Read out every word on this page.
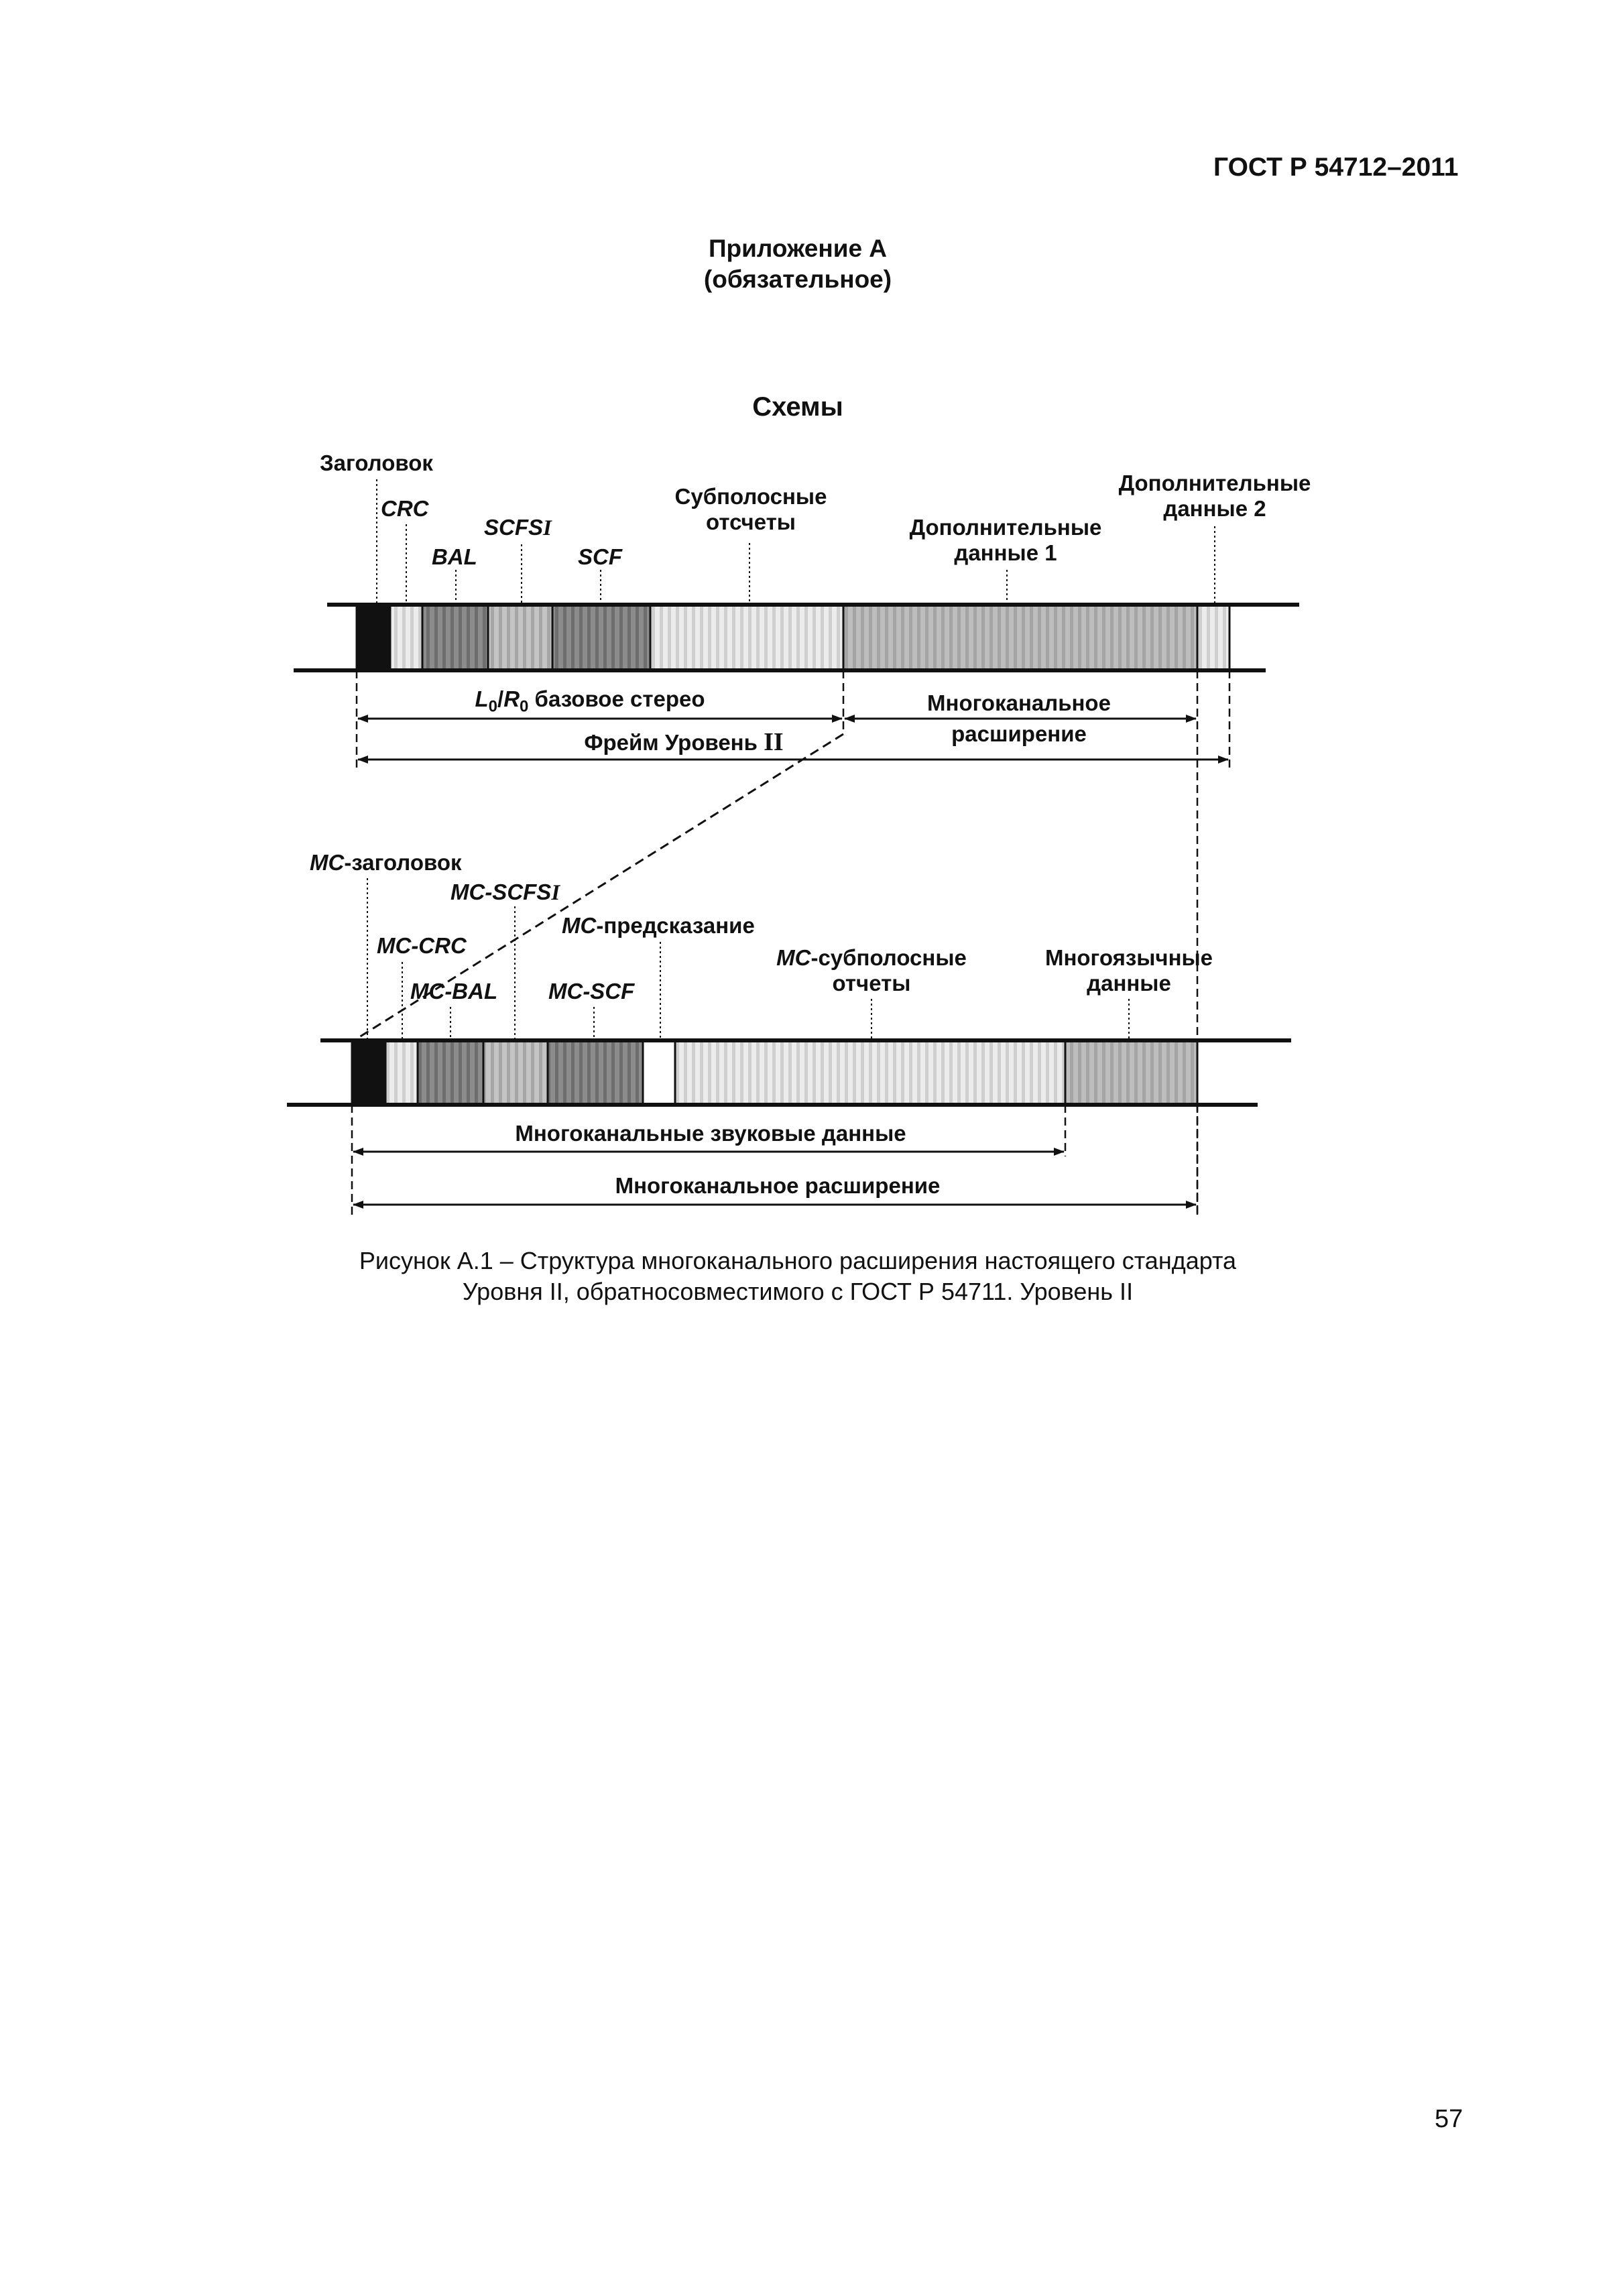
ГОСТ Р 54712–2011
Приложение А
(обязательное)
Схемы
Заголовок
CRC
SCFSI
BAL	SCF
Субполосные
отсчеты	Дополнительные
данные 1
Дополнительные
данные 2
$L_0/R_0$ базовое стерео	Многоканальное
расширение
Фрейм Уровень II
MC-заголовок
MC-SCFSI
MC-предсказание
MC-CRC
MC-BAL MC-SCF
MC-субполосные
отчеты
Многоязычные
данные
Многоканальные звуковые данные
Многоканальное расширение
Рисунок А.1 – Структура многоканального расширения настоящего стандарта
Уровня II, обратносовместимого с ГОСТ Р 54711. Уровень II
57
